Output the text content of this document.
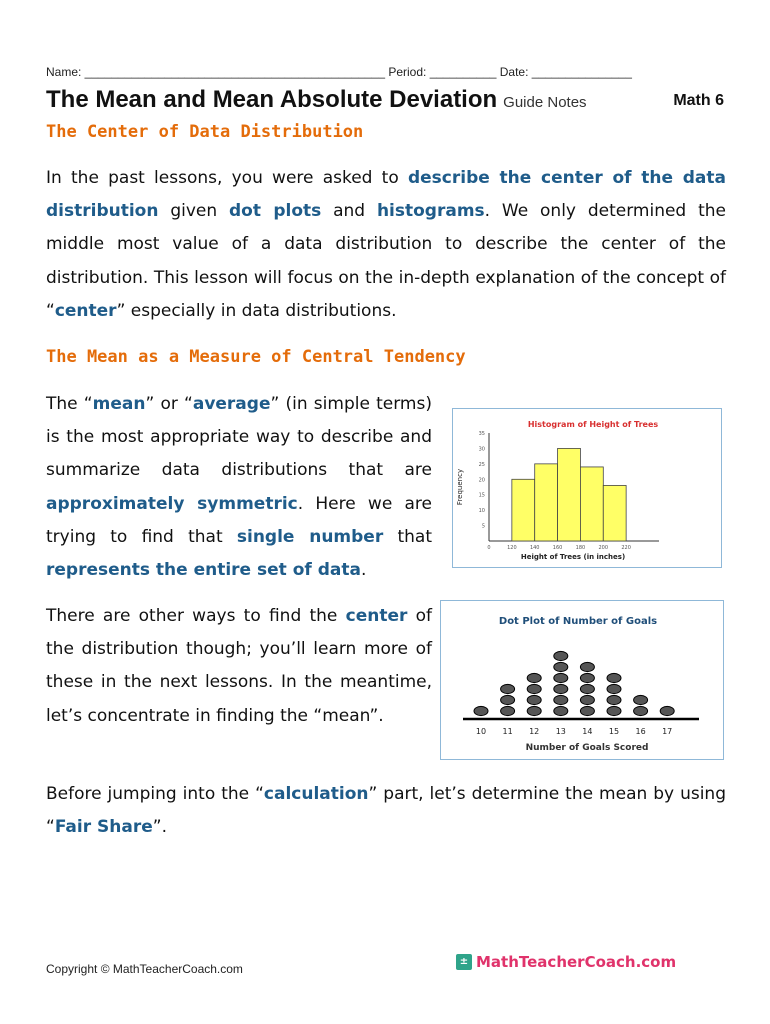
Name: _____________________________________________ Period: __________ Date: _______________
The Mean and Mean Absolute Deviation Guide Notes	Math 6
The Center of Data Distribution
In the past lessons, you were asked to describe the center of the data distribution given dot plots and histograms. We only determined the middle most value of a data distribution to describe the center of the distribution. This lesson will focus on the in-depth explanation of the concept of “center” especially in data distributions.
The Mean as a Measure of Central Tendency
The “mean” or “average” (in simple terms) is the most appropriate way to describe and summarize data distributions that are approximately symmetric. Here we are trying to find that single number that represents the entire set of data.
Histogram of Height of Trees
Frequency
5
10
15
20
25
30
35
0	120	140	160	180	200	220
Height of Trees (in inches)
There are other ways to find the center of the distribution though; you’ll learn more of these in the next lessons. In the meantime, let’s concentrate in finding the “mean”.
Dot Plot of Number of Goals
10 11 12 13 14 15 16 17
Number of Goals Scored
Before jumping into the “calculation” part, let’s determine the mean by using “Fair Share”.
Copyright © MathTeacherCoach.com
± MathTeacherCoach.com
